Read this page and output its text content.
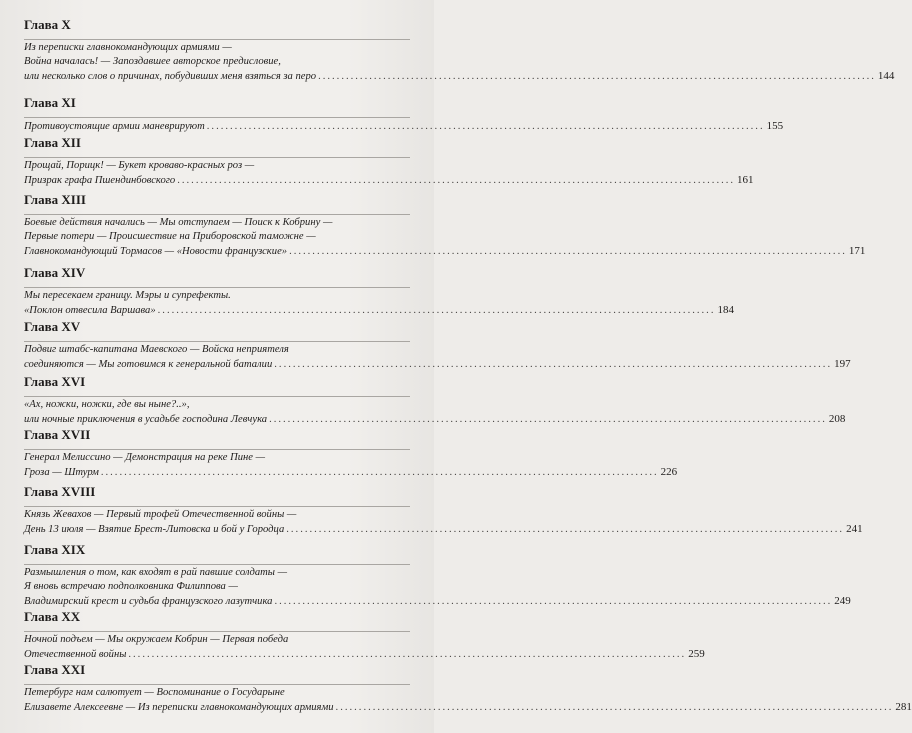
Глава X
Из переписки главнокомандующих армиями —
Война началась! — Запоздавшее авторское предисловие,
или несколько слов о причинах, побудивших меня взяться за перо ........................................................................................................................ 144
Глава XI
Противоустоящие армии маневрируют ........................................................................................................................ 155
Глава XII
Прощай, Порицк! — Букет кроваво-красных роз —
Призрак графа Пшендинбовского ........................................................................................................................ 161
Глава XIII
Боевые действия начались — Мы отступаем — Поиск к Кобрину —
Первые потери — Происшествие на Приборовской таможне —
Главнокомандующий Тормасов — «Новости французские» ........................................................................................................................ 171
Глава XIV
Мы пересекаем границу. Мэры и супрефекты.
«Поклон отвесила Варшава» ........................................................................................................................ 184
Глава XV
Подвиг штабс-капитана Маевского — Войска неприятеля
соединяются — Мы готовимся к генеральной баталии ........................................................................................................................ 197
Глава XVI
«Ах, ножки, ножки, где вы ныне?..»,
или ночные приключения в усадьбе господина Левчука ........................................................................................................................ 208
Глава XVII
Генерал Мелиссино — Демонстрация на реке Пине —
Гроза — Штурм ........................................................................................................................ 226
Глава XVIII
Князь Жевахов — Первый трофей Отечественной войны —
День 13 июля — Взятие Брест-Литовска и бой у Городца ........................................................................................................................ 241
Глава XIX
Размышления о том, как входят в рай павшие солдаты —
Я вновь встречаю подполковника Филиппова —
Владимирский крест и судьба французского лазутчика ........................................................................................................................ 249
Глава XX
Ночной подъем — Мы окружаем Кобрин — Первая победа
Отечественной войны ........................................................................................................................ 259
Глава XXI
Петербург нам салютует — Воспоминание о Государыне
Елизавете Алексеевне — Из переписки главнокомандующих армиями ........................................................................................................................ 281
